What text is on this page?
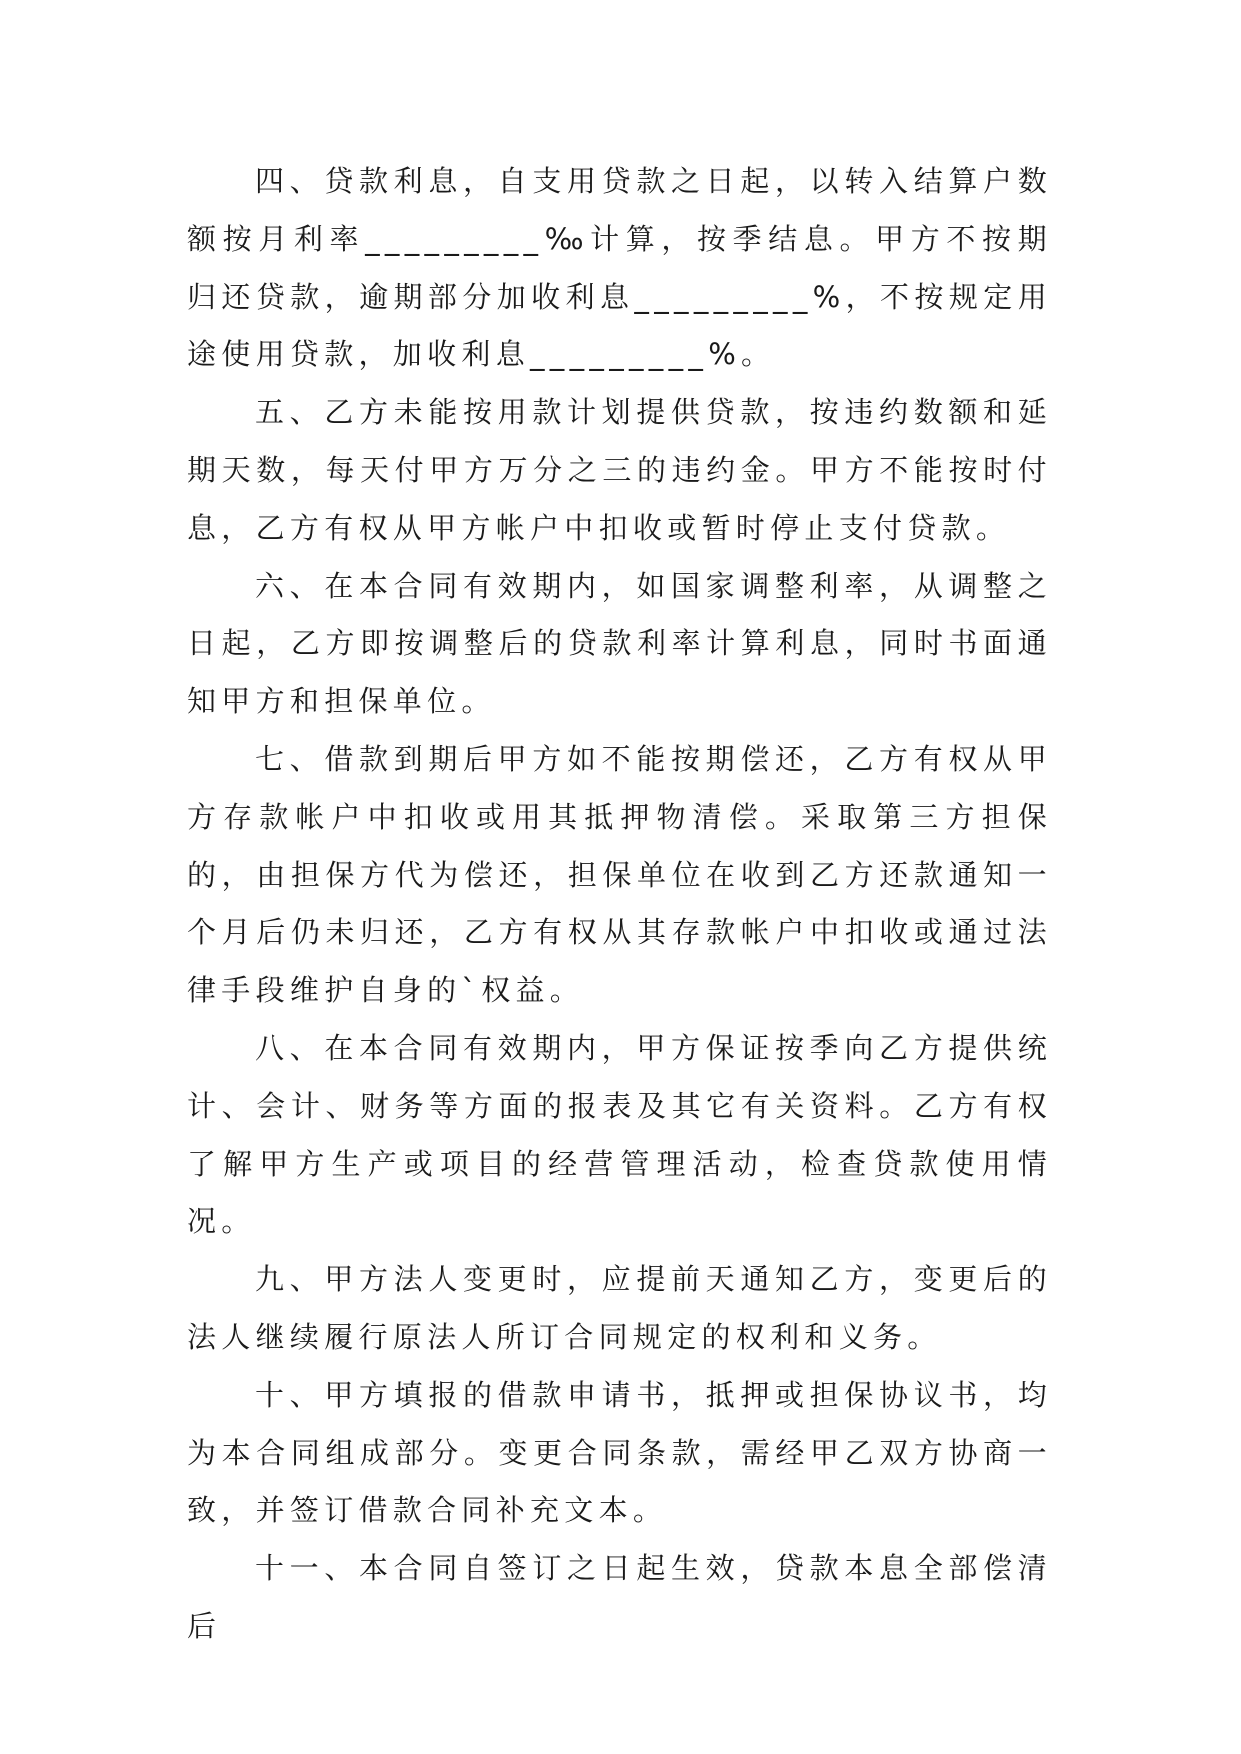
四、贷款利息，自支用贷款之日起，以转入结算户数额按月利率_________‰计算，按季结息。甲方不按期归还贷款，逾期部分加收利息_________%，不按规定用途使用贷款，加收利息_________%。

五、乙方未能按用款计划提供贷款，按违约数额和延期天数，每天付甲方万分之三的违约金。甲方不能按时付息，乙方有权从甲方帐户中扣收或暂时停止支付贷款。

六、在本合同有效期内，如国家调整利率，从调整之日起，乙方即按调整后的贷款利率计算利息，同时书面通知甲方和担保单位。

七、借款到期后甲方如不能按期偿还，乙方有权从甲方存款帐户中扣收或用其抵押物清偿。采取第三方担保的，由担保方代为偿还，担保单位在收到乙方还款通知一个月后仍未归还，乙方有权从其存款帐户中扣收或通过法律手段维护自身的`权益。

八、在本合同有效期内，甲方保证按季向乙方提供统计、会计、财务等方面的报表及其它有关资料。乙方有权了解甲方生产或项目的经营管理活动，检查贷款使用情况。

九、甲方法人变更时，应提前天通知乙方，变更后的法人继续履行原法人所订合同规定的权利和义务。

十、甲方填报的借款申请书，抵押或担保协议书，均为本合同组成部分。变更合同条款，需经甲乙双方协商一致，并签订借款合同补充文本。

十一、本合同自签订之日起生效，贷款本息全部偿清后
